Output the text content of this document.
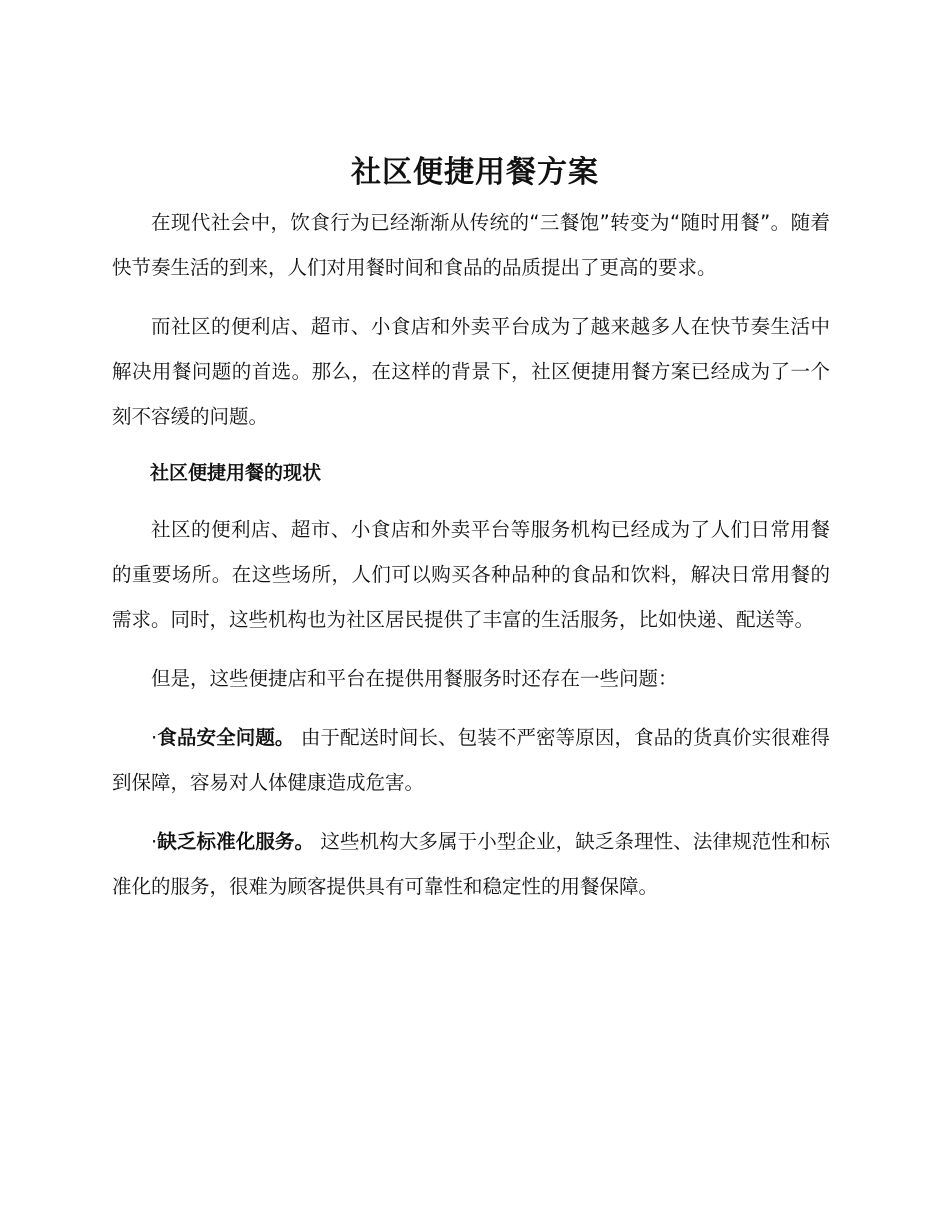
社区便捷用餐方案

在现代社会中，饮食行为已经渐渐从传统的“三餐饱”转变为“随时用餐”。随着快节奏生活的到来，人们对用餐时间和食品的品质提出了更高的要求。

而社区的便利店、超市、小食店和外卖平台成为了越来越多人在快节奏生活中解决用餐问题的首选。那么，在这样的背景下，社区便捷用餐方案已经成为了一个刻不容缓的问题。

社区便捷用餐的现状

社区的便利店、超市、小食店和外卖平台等服务机构已经成为了人们日常用餐的重要场所。在这些场所，人们可以购买各种品种的食品和饮料，解决日常用餐的需求。同时，这些机构也为社区居民提供了丰富的生活服务，比如快递、配送等。

但是，这些便捷店和平台在提供用餐服务时还存在一些问题：

·食品安全问题。 由于配送时间长、包装不严密等原因，食品的货真价实很难得到保障，容易对人体健康造成危害。

·缺乏标准化服务。 这些机构大多属于小型企业，缺乏条理性、法律规范性和标准化的服务，很难为顾客提供具有可靠性和稳定性的用餐保障。
